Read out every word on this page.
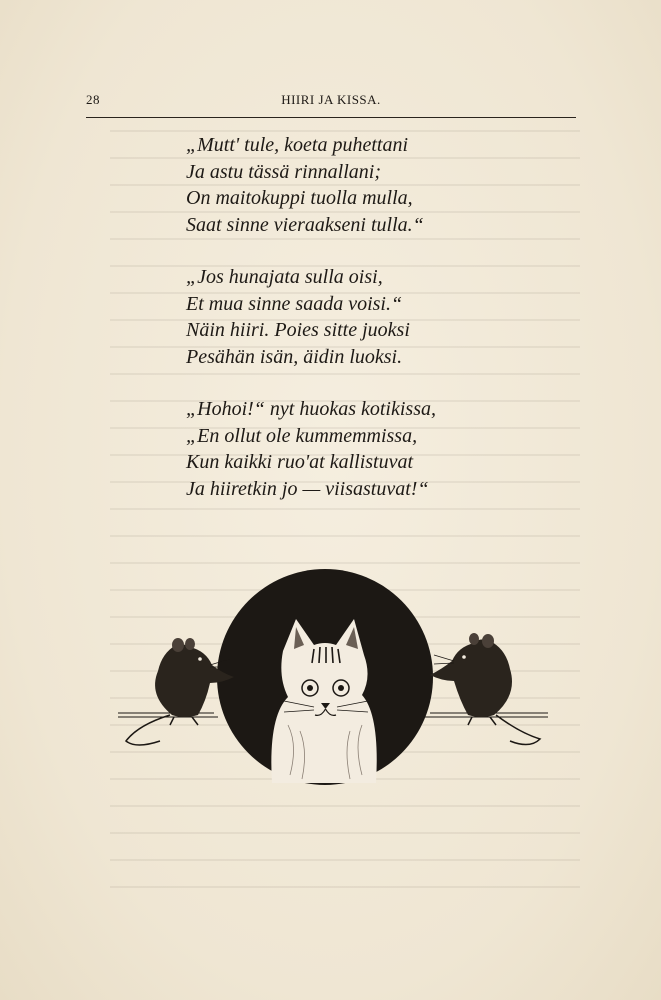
28	HIIRI JA KISSA.
„Mutt' tule, koeta puhettani
Ja astu tässä rinnallani;
On maitokuppi tuolla mulla,
Saat sinne vieraakseni tulla.“
„Jos hunajata sulla oisi,
Et mua sinne saada voisi.“
Näin hiiri. Poies sitte juoksi
Pesähän isän, äidin luoksi.
„Hohoi!“ nyt huokas kotikissa,
„En ollut ole kummemmissa,
Kun kaikki ruo'at kallistuvat
Ja hiiretkin jo — viisastuvat!“
